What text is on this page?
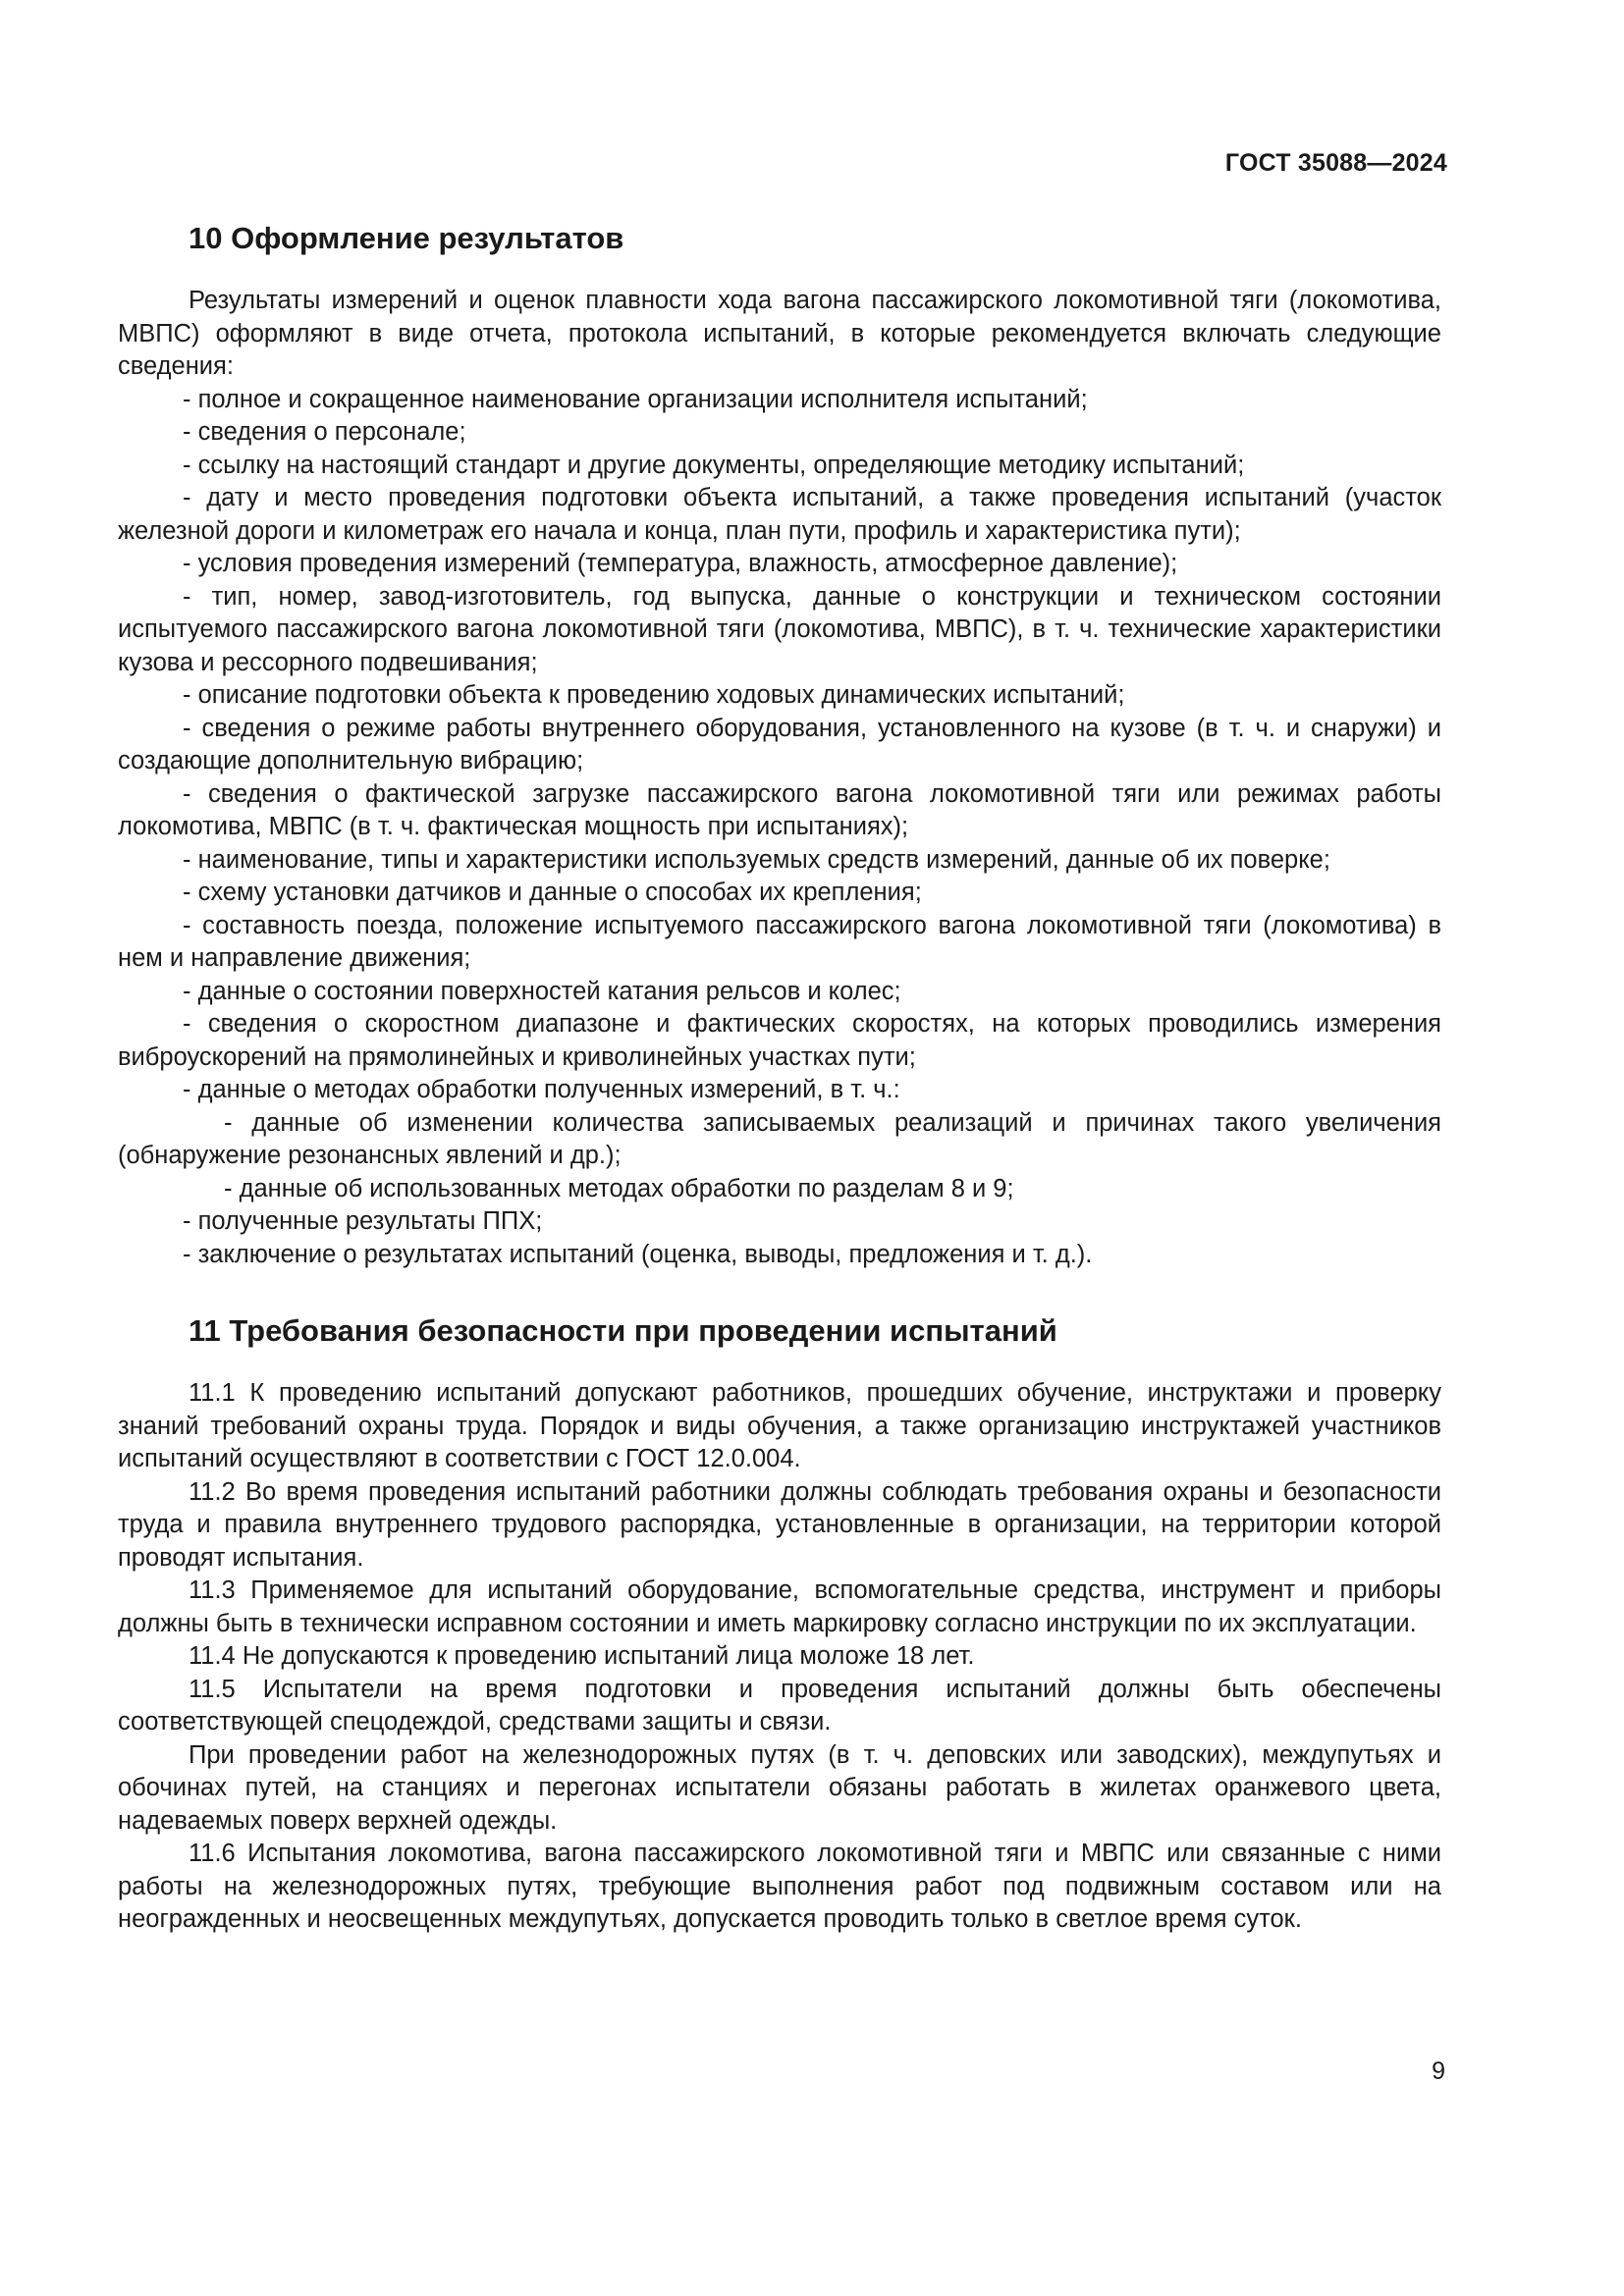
ГОСТ 35088—2024
10 Оформление результатов

Результаты измерений и оценок плавности хода вагона пассажирского локомотивной тяги (локомотива, МВПС) оформляют в виде отчета, протокола испытаний, в которые рекомендуется включать следующие сведения:

- полное и сокращенное наименование организации исполнителя испытаний;

- сведения о персонале;

- ссылку на настоящий стандарт и другие документы, определяющие методику испытаний;

- дату и место проведения подготовки объекта испытаний, а также проведения испытаний (участок железной дороги и километраж его начала и конца, план пути, профиль и характеристика пути);

- условия проведения измерений (температура, влажность, атмосферное давление);

- тип, номер, завод-изготовитель, год выпуска, данные о конструкции и техническом состоянии испытуемого пассажирского вагона локомотивной тяги (локомотива, МВПС), в т. ч. технические характеристики кузова и рессорного подвешивания;

- описание подготовки объекта к проведению ходовых динамических испытаний;

- сведения о режиме работы внутреннего оборудования, установленного на кузове (в т. ч. и снаружи) и создающие дополнительную вибрацию;

- сведения о фактической загрузке пассажирского вагона локомотивной тяги или режимах работы локомотива, МВПС (в т. ч. фактическая мощность при испытаниях);

- наименование, типы и характеристики используемых средств измерений, данные об их поверке;

- схему установки датчиков и данные о способах их крепления;

- составность поезда, положение испытуемого пассажирского вагона локомотивной тяги (локомотива) в нем и направление движения;

- данные о состоянии поверхностей катания рельсов и колес;

- сведения о скоростном диапазоне и фактических скоростях, на которых проводились измерения виброускорений на прямолинейных и криволинейных участках пути;

- данные о методах обработки полученных измерений, в т. ч.:

- данные об изменении количества записываемых реализаций и причинах такого увеличения (обнаружение резонансных явлений и др.);

- данные об использованных методах обработки по разделам 8 и 9;

- полученные результаты ППХ;

- заключение о результатах испытаний (оценка, выводы, предложения и т. д.).

11 Требования безопасности при проведении испытаний

11.1 К проведению испытаний допускают работников, прошедших обучение, инструктажи и проверку знаний требований охраны труда. Порядок и виды обучения, а также организацию инструктажей участников испытаний осуществляют в соответствии с ГОСТ 12.0.004.

11.2 Во время проведения испытаний работники должны соблюдать требования охраны и безопасности труда и правила внутреннего трудового распорядка, установленные в организации, на территории которой проводят испытания.

11.3 Применяемое для испытаний оборудование, вспомогательные средства, инструмент и приборы должны быть в технически исправном состоянии и иметь маркировку согласно инструкции по их эксплуатации.

11.4 Не допускаются к проведению испытаний лица моложе 18 лет.

11.5 Испытатели на время подготовки и проведения испытаний должны быть обеспечены соответствующей спецодеждой, средствами защиты и связи.

При проведении работ на железнодорожных путях (в т. ч. деповских или заводских), междупутьях и обочинах путей, на станциях и перегонах испытатели обязаны работать в жилетах оранжевого цвета, надеваемых поверх верхней одежды.

11.6 Испытания локомотива, вагона пассажирского локомотивной тяги и МВПС или связанные с ними работы на железнодорожных путях, требующие выполнения работ под подвижным составом или на неогражденных и неосвещенных междупутьях, допускается проводить только в светлое время суток.

9
